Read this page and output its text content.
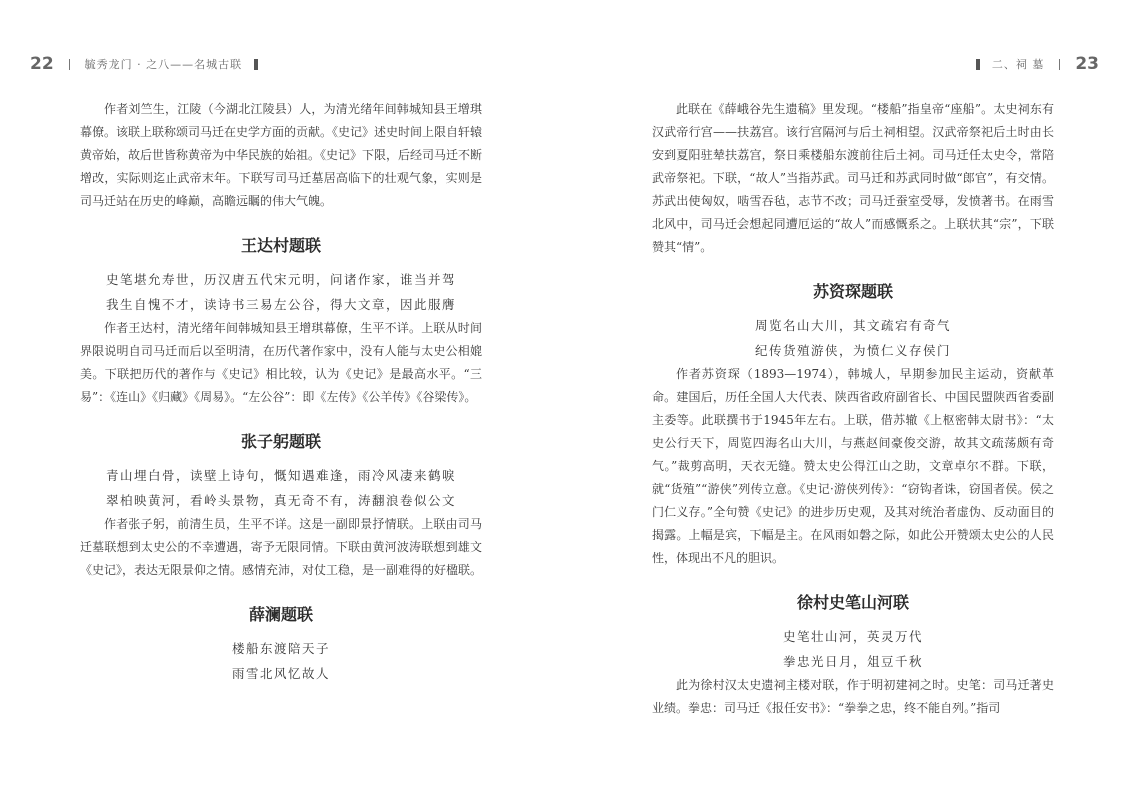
22	毓秀龙门 · 之八——名城古联

作者刘竺生，江陵（今湖北江陵县）人，为清光绪年间韩城知县王增琪幕僚。该联上联称颂司马迁在史学方面的贡献。《史记》述史时间上限自轩辕黄帝始，故后世皆称黄帝为中华民族的始祖。《史记》下限，后经司马迁不断增改，实际则迄止武帝末年。下联写司马迁墓居高临下的壮观气象，实则是司马迁站在历史的峰巅，高瞻远瞩的伟大气魄。

王达村题联

史笔堪允寿世，历汉唐五代宋元明，问诸作家，谁当并驾

我生自愧不才，读诗书三易左公谷，得大文章，因此服膺

作者王达村，清光绪年间韩城知县王增琪幕僚，生平不详。上联从时间界限说明自司马迁而后以至明清，在历代著作家中，没有人能与太史公相媲美。下联把历代的著作与《史记》相比较，认为《史记》是最高水平。“三易”：《连山》《归藏》《周易》。“左公谷”：即《左传》《公羊传》《谷梁传》。

张子躬题联

青山埋白骨，读壁上诗句，慨知遇难逢，雨冷风凄来鹤唳

翠柏映黄河，看岭头景物，真无奇不有，涛翻浪卷似公文

作者张子躬，前清生员，生平不详。这是一副即景抒情联。上联由司马迁墓联想到太史公的不幸遭遇，寄予无限同情。下联由黄河波涛联想到雄文《史记》，表达无限景仰之情。感情充沛，对仗工稳，是一副难得的好楹联。

薛澜题联

楼船东渡陪天子

雨雪北风忆故人

二、祠 墓 23

此联在《薛峨谷先生遗稿》里发现。“楼船”指皇帝“座船”。太史祠东有汉武帝行宫——扶荔宫。该行宫隔河与后土祠相望。汉武帝祭祀后土时由长安到夏阳驻辇扶荔宫，祭日乘楼船东渡前往后土祠。司马迁任太史令，常陪武帝祭祀。下联，“故人”当指苏武。司马迁和苏武同时做“郎官”，有交情。苏武出使匈奴，啮雪吞毡，志节不改；司马迁蚕室受辱，发愤著书。在雨雪北风中，司马迁会想起同遭厄运的“故人”而感慨系之。上联状其“宗”，下联赞其“情”。

苏资琛题联

周览名山大川，其文疏宕有奇气

纪传货殖游侠，为愤仁义存侯门

作者苏资琛（1893—1974），韩城人，早期参加民主运动，资献革命。建国后，历任全国人大代表、陕西省政府副省长、中国民盟陕西省委副主委等。此联撰书于1945年左右。上联，借苏辙《上枢密韩太尉书》：“太史公行天下，周览四海名山大川，与燕赵间豪俊交游，故其文疏荡颇有奇气。”裁剪高明，天衣无缝。赞太史公得江山之助，文章卓尔不群。下联，就“货殖”“游侠”列传立意。《史记·游侠列传》：“窃钩者诛，窃国者侯。侯之门仁义存。”全句赞《史记》的进步历史观，及其对统治者虚伪、反动面目的揭露。上幅是宾，下幅是主。在风雨如磐之际，如此公开赞颂太史公的人民性，体现出不凡的胆识。

徐村史笔山河联

史笔壮山河，英灵万代

拳忠光日月，俎豆千秋

此为徐村汉太史遗祠主楼对联，作于明初建祠之时。史笔：司马迁著史业绩。拳忠：司马迁《报任安书》：“拳拳之忠，终不能自列。”指司
